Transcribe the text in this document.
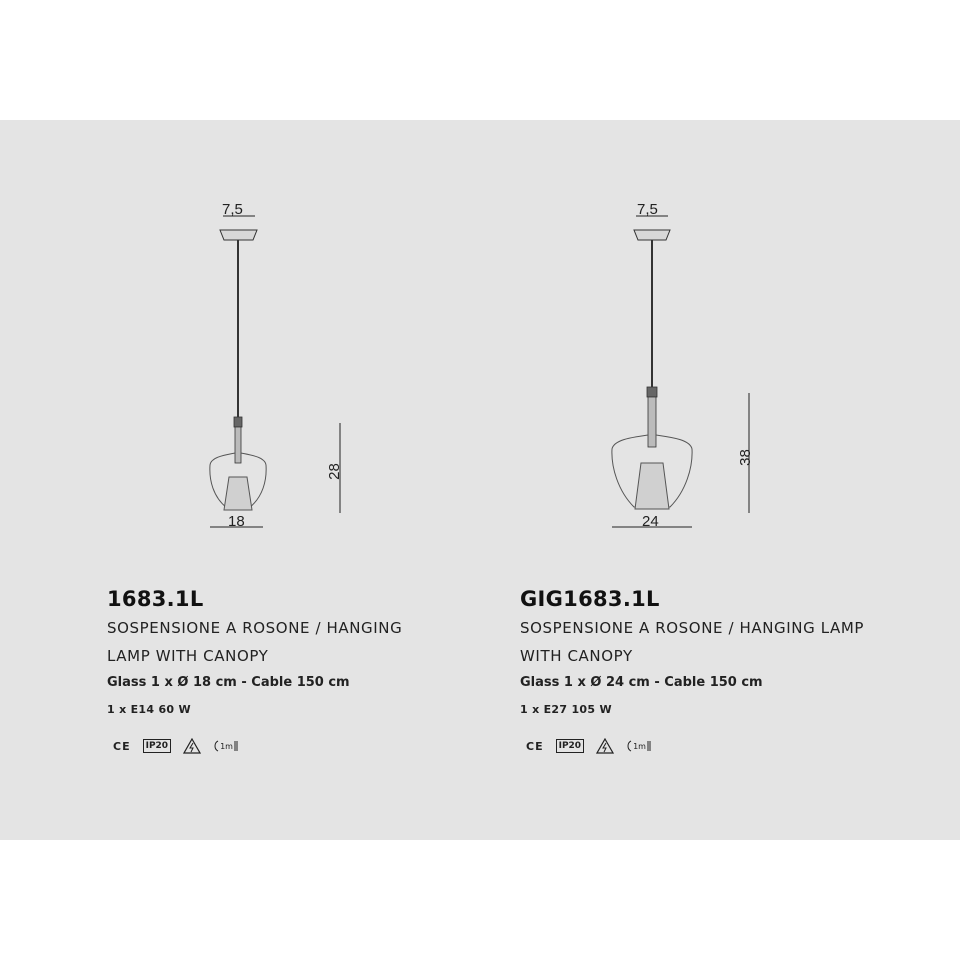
7,5
28
18
1683.1L
SOSPENSIONE A ROSONE / HANGING
LAMP WITH CANOPY
Glass 1 x Ø 18 cm - Cable 150 cm
1 x E14 60 W
CE	IP20	1m
7,5
38
24
GIG1683.1L
SOSPENSIONE A ROSONE / HANGING LAMP
WITH CANOPY
Glass 1 x Ø 24 cm - Cable 150 cm
1 x E27 105 W
CE	IP20	1m
